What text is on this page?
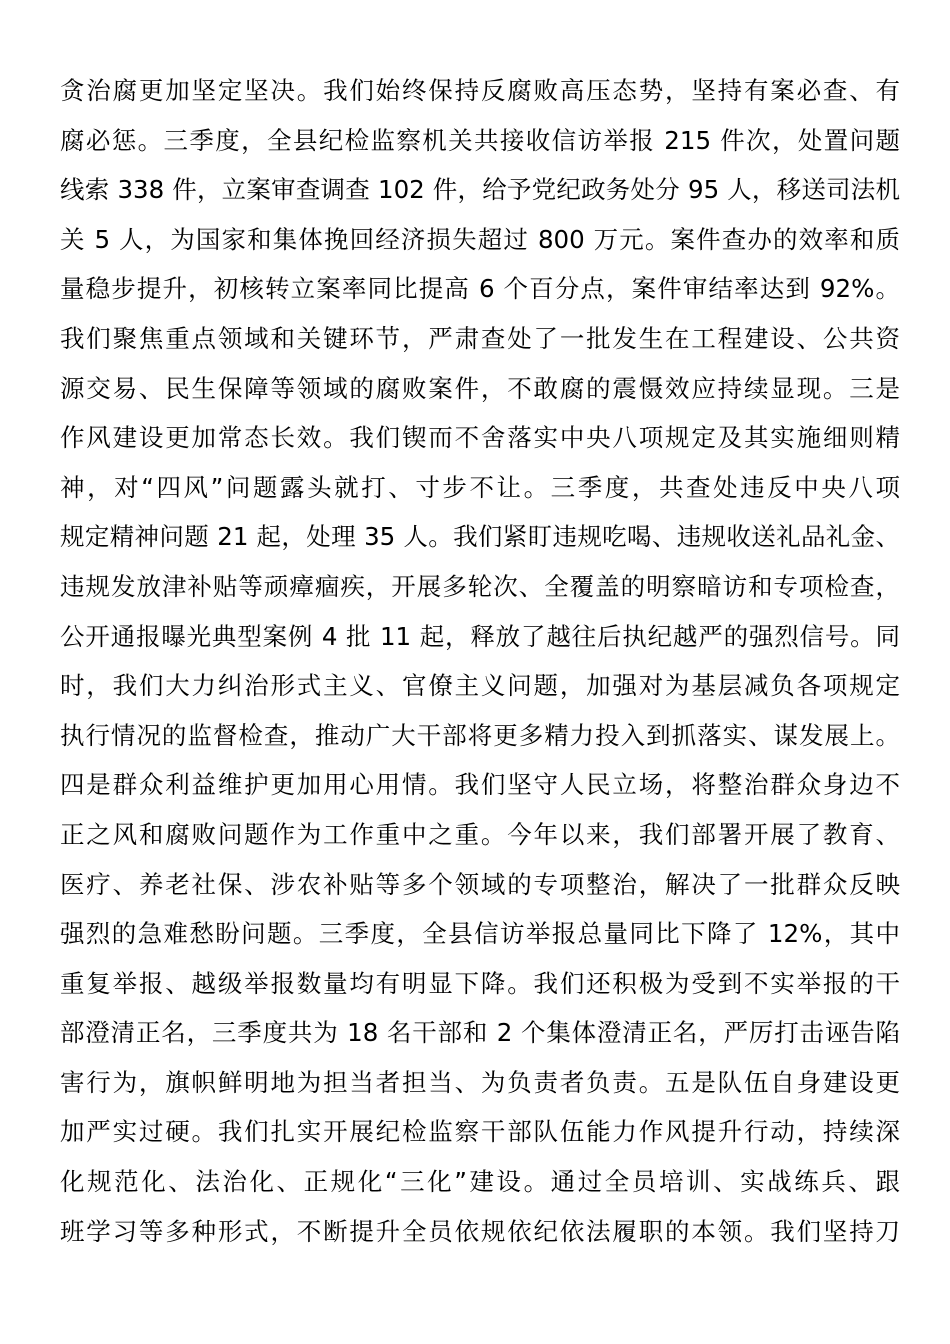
贪治腐更加坚定坚决。我们始终保持反腐败高压态势，坚持有案必查、有
腐必惩。三季度，全县纪检监察机关共接收信访举报 215 件次，处置问题
线索 338 件，立案审查调查 102 件，给予党纪政务处分 95 人，移送司法机
关 5 人，为国家和集体挽回经济损失超过 800 万元。案件查办的效率和质
量稳步提升，初核转立案率同比提高 6 个百分点，案件审结率达到 92%。
我们聚焦重点领域和关键环节，严肃查处了一批发生在工程建设、公共资
源交易、民生保障等领域的腐败案件，不敢腐的震慑效应持续显现。三是
作风建设更加常态长效。我们锲而不舍落实中央八项规定及其实施细则精
神，对“四风”问题露头就打、寸步不让。三季度，共查处违反中央八项
规定精神问题 21 起，处理 35 人。我们紧盯违规吃喝、违规收送礼品礼金、
违规发放津补贴等顽瘴痼疾，开展多轮次、全覆盖的明察暗访和专项检查，
公开通报曝光典型案例 4 批 11 起，释放了越往后执纪越严的强烈信号。同
时，我们大力纠治形式主义、官僚主义问题，加强对为基层减负各项规定
执行情况的监督检查，推动广大干部将更多精力投入到抓落实、谋发展上。
四是群众利益维护更加用心用情。我们坚守人民立场，将整治群众身边不
正之风和腐败问题作为工作重中之重。今年以来，我们部署开展了教育、
医疗、养老社保、涉农补贴等多个领域的专项整治，解决了一批群众反映
强烈的急难愁盼问题。三季度，全县信访举报总量同比下降了 12%，其中
重复举报、越级举报数量均有明显下降。我们还积极为受到不实举报的干
部澄清正名，三季度共为 18 名干部和 2 个集体澄清正名，严厉打击诬告陷
害行为，旗帜鲜明地为担当者担当、为负责者负责。五是队伍自身建设更
加严实过硬。我们扎实开展纪检监察干部队伍能力作风提升行动，持续深
化规范化、法治化、正规化“三化”建设。通过全员培训、实战练兵、跟
班学习等多种形式，不断提升全员依规依纪依法履职的本领。我们坚持刀
